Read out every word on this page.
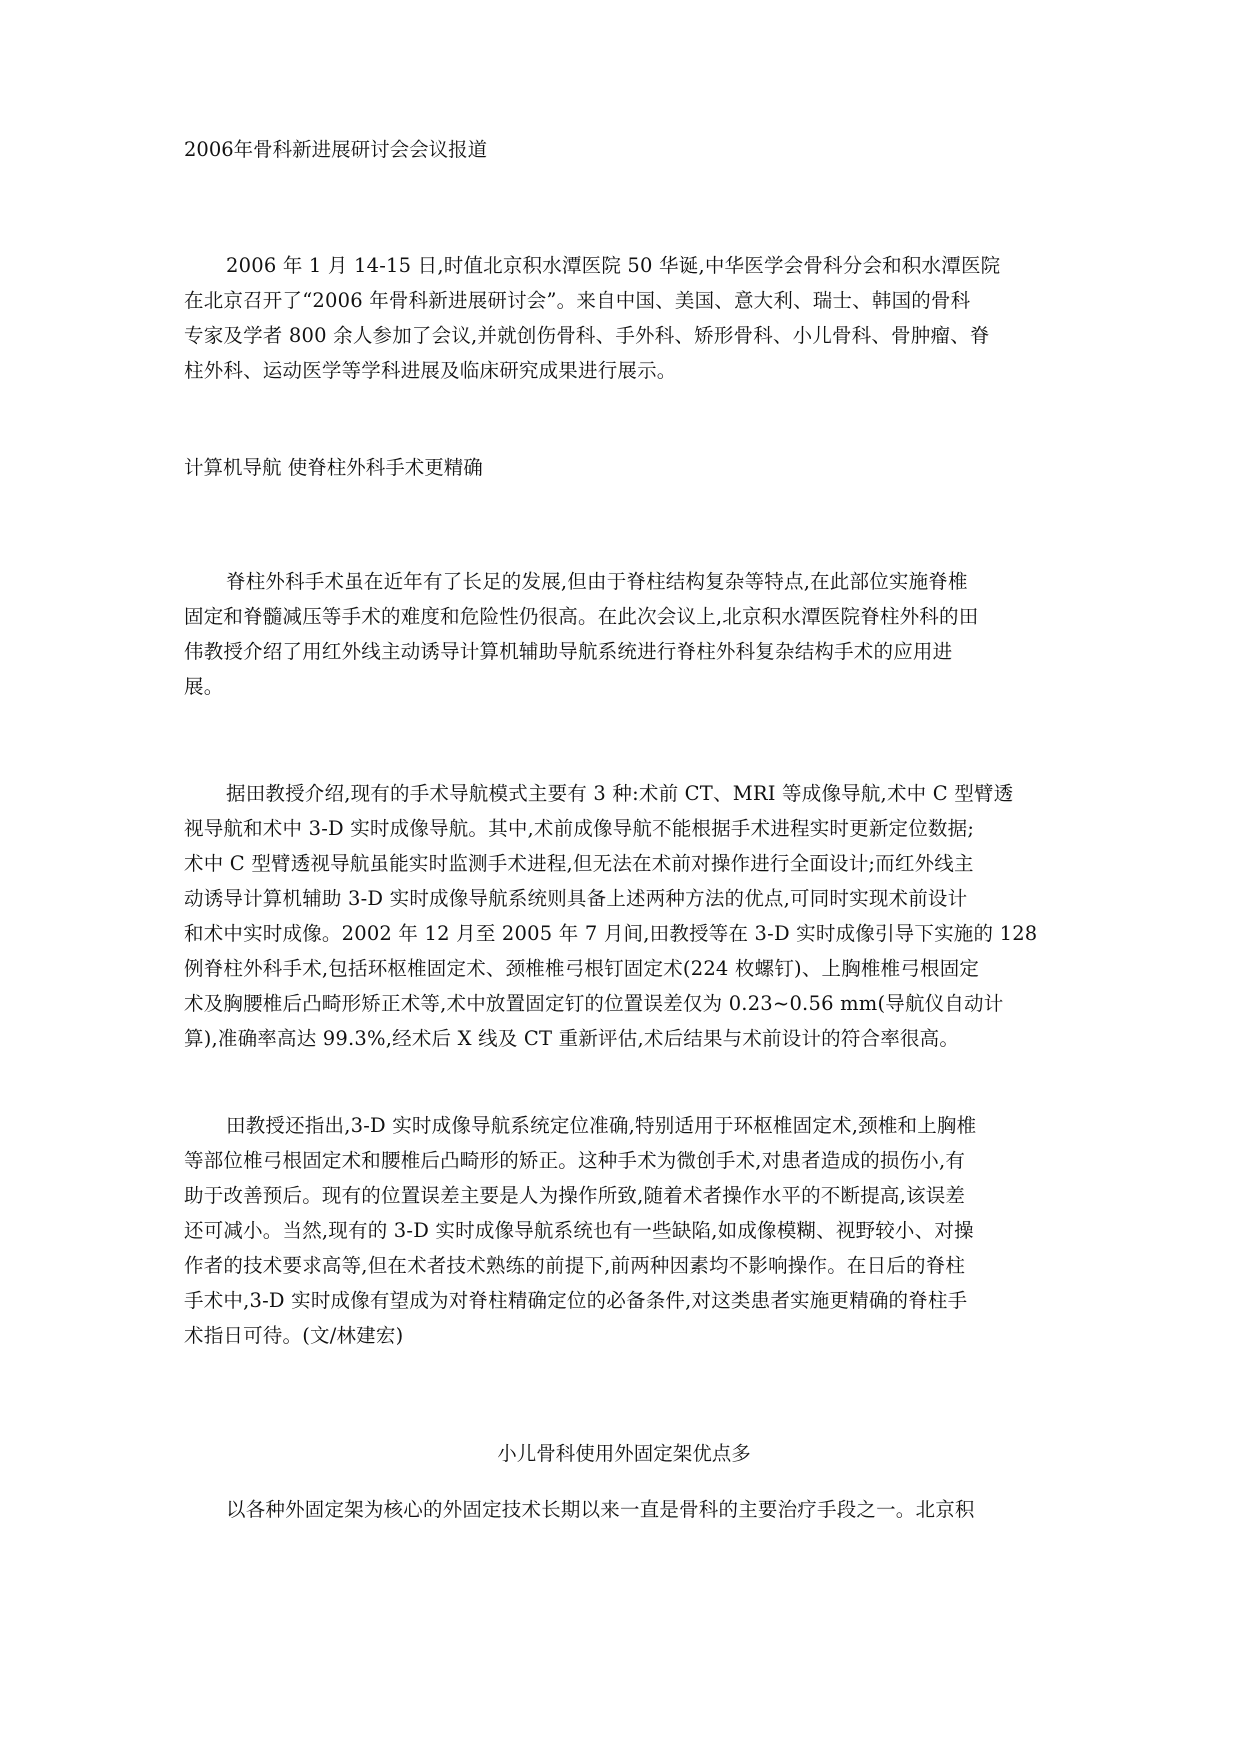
2006年骨科新进展研讨会会议报道
2006 年 1 月 14-15 日,时值北京积水潭医院 50 华诞,中华医学会骨科分会和积水潭医院
在北京召开了“2006 年骨科新进展研讨会”。来自中国、美国、意大利、瑞士、韩国的骨科
专家及学者 800 余人参加了会议,并就创伤骨科、手外科、矫形骨科、小儿骨科、骨肿瘤、脊
柱外科、运动医学等学科进展及临床研究成果进行展示。
计算机导航 使脊柱外科手术更精确
脊柱外科手术虽在近年有了长足的发展,但由于脊柱结构复杂等特点,在此部位实施脊椎
固定和脊髓减压等手术的难度和危险性仍很高。在此次会议上,北京积水潭医院脊柱外科的田
伟教授介绍了用红外线主动诱导计算机辅助导航系统进行脊柱外科复杂结构手术的应用进
展。
据田教授介绍,现有的手术导航模式主要有 3 种:术前 CT、MRI 等成像导航,术中 C 型臂透
视导航和术中 3-D 实时成像导航。其中,术前成像导航不能根据手术进程实时更新定位数据;
术中 C 型臂透视导航虽能实时监测手术进程,但无法在术前对操作进行全面设计;而红外线主
动诱导计算机辅助 3-D 实时成像导航系统则具备上述两种方法的优点,可同时实现术前设计
和术中实时成像。2002 年 12 月至 2005 年 7 月间,田教授等在 3-D 实时成像引导下实施的 128
例脊柱外科手术,包括环枢椎固定术、颈椎椎弓根钉固定术(224 枚螺钉)、上胸椎椎弓根固定
术及胸腰椎后凸畸形矫正术等,术中放置固定钉的位置误差仅为 0.23~0.56 mm(导航仪自动计
算),准确率高达 99.3%,经术后 X 线及 CT 重新评估,术后结果与术前设计的符合率很高。
田教授还指出,3-D 实时成像导航系统定位准确,特别适用于环枢椎固定术,颈椎和上胸椎
等部位椎弓根固定术和腰椎后凸畸形的矫正。这种手术为微创手术,对患者造成的损伤小,有
助于改善预后。现有的位置误差主要是人为操作所致,随着术者操作水平的不断提高,该误差
还可减小。当然,现有的 3-D 实时成像导航系统也有一些缺陷,如成像模糊、视野较小、对操
作者的技术要求高等,但在术者技术熟练的前提下,前两种因素均不影响操作。在日后的脊柱
手术中,3-D 实时成像有望成为对脊柱精确定位的必备条件,对这类患者实施更精确的脊柱手
术指日可待。(文/林建宏)
小儿骨科使用外固定架优点多
以各种外固定架为核心的外固定技术长期以来一直是骨科的主要治疗手段之一。北京积
